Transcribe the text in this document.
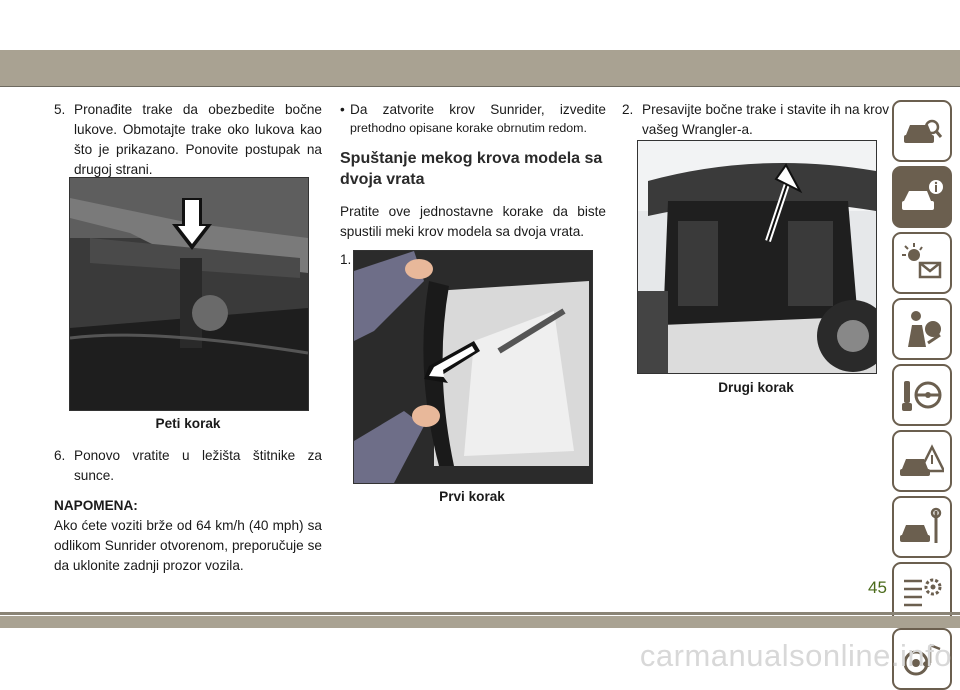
5. Pronađite trake da obezbedite bočne lukove. Obmotajte trake oko lukova kao što je prikazano. Ponovite postupak na drugoj strani.
Peti korak
6. Ponovo vratite u ležišta štitnike za sunce.
NAPOMENA:
Ako ćete voziti brže od 64 km/h (40 mph) sa odlikom Sunrider otvorenom, preporučuje se da uklonite zadnji prozor vozila.
• Da zatvorite krov Sunrider, izvedite
prethodno opisane korake obrnutim redom.
Spuštanje mekog krova modela sa dvoja vrata
Pratite ove jednostavne korake da biste spustili meki krov modela sa dvoja vrata.
1.
Prvi korak
2. Presavijte bočne trake i stavite ih na krov vašeg Wrangler-a.
Drugi korak
45
carmanualsonline.info
